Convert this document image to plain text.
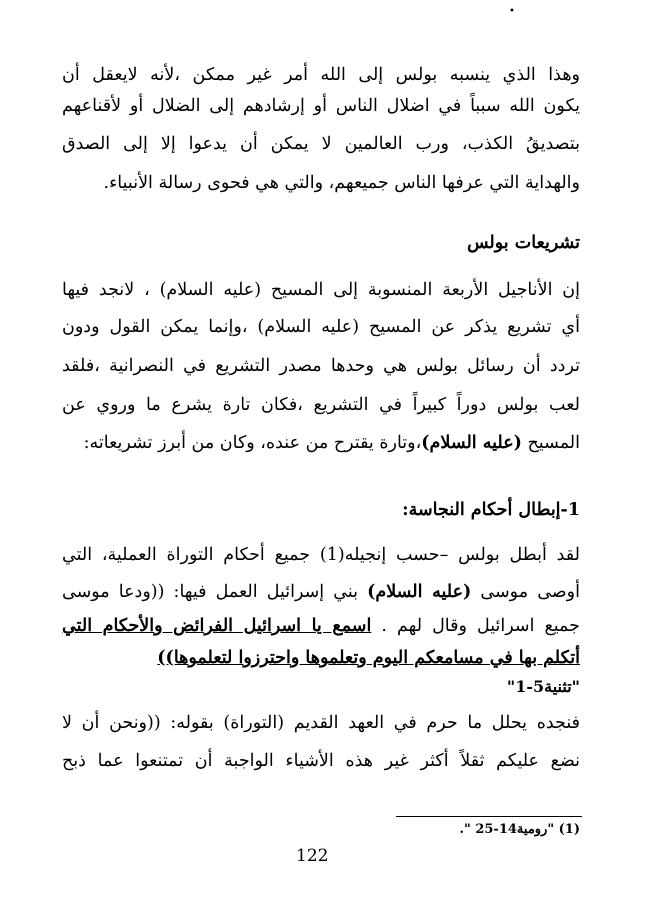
•
وهذا الذي ينسبه بولس إلى الله أمر غير ممكن ،لأنه لايعقل أن
يكون الله سبباً في اضلال الناس أو إرشادهم إلى الضلال أو لأقناعهم
بتصديقُ الكذب، ورب العالمين لا يمكن أن يدعوا إلا إلى الصدق
والهداية التي عرفها الناس جميعهم، والتي هي فحوى رسالة الأنبياء.
تشريعات بولس
إن الأناجيل الأربعة المنسوبة إلى المسيح (عليه السلام) ، لانجد فيها
أي تشريع يذكر عن المسيح (عليه السلام) ،وإنما يمكن القول ودون
تردد أن رسائل بولس هي وحدها مصدر التشريع في النصرانية ،فلقد
لعب بولس دوراً كبيراً في التشريع ،فكان تارة يشرع ما وروي عن
المسيح (عليه السلام)،وتارة يقترح من عنده، وكان من أبرز تشريعاته:
1-إبطال أحكام النجاسة:
لقد أبطل بولس –حسب إنجيله(1) جميع أحكام التوراة العملية، التي
أوصى موسى (عليه السلام) بني إسرائيل العمل فيها: ((ودعا موسى
جميع اسرائيل وقال لهم . اسمع يا اسرائيل الفرائض والأحكام التي
أتكلم بها في مسامعكم اليوم وتعلموها واحترزوا لتعلموها))
"تثنية5-1"
فنجده يحلل ما حرم في العهد القديم (التوراة) بقوله: ((ونحن أن لا
نضع عليكم ثقلاً أكثر غير هذه الأشياء الواجبة أن تمتنعوا عما ذبح
(1) "رومية14-25 ".
122
